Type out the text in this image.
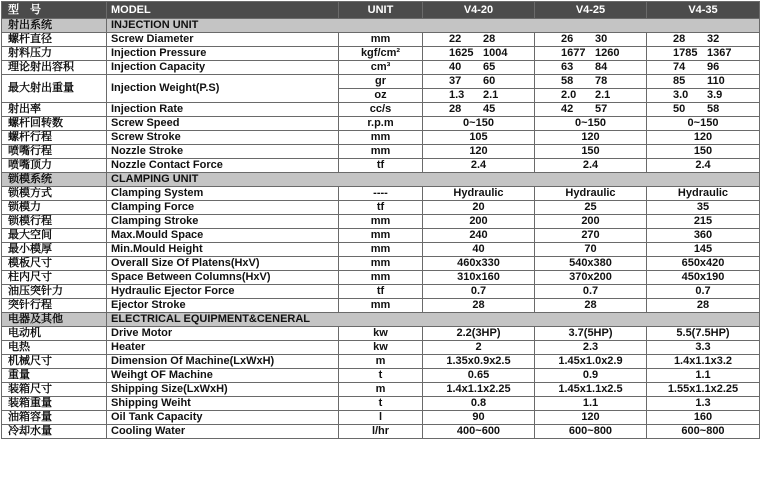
型　号	MODEL	UNIT	V4-20	V4-25	V4-35
射出系统	INJECTION UNIT				
螺杆直径	Screw Diameter	mm	22 28	26 30	28 32
射料压力	Injection Pressure	kgf/cm²	1625 1004	1677 1260	1785 1367
理论射出容积	Injection Capacity	cm³	40 65	63 84	74 96
最大射出重量	Injection Weight(P.S)	gr	37 60	58 78	85 110
		oz	1.3 2.1	2.0 2.1	3.0 3.9
射出率	Injection Rate	cc/s	28 45	42 57	50 58
螺杆回转数	Screw Speed	r.p.m	0~150	0~150	0~150
螺杆行程	Screw Stroke	mm	105	120	120
喷嘴行程	Nozzle Stroke	mm	120	150	150
喷嘴顶力	Nozzle Contact Force	tf	2.4	2.4	2.4
锁模系统	CLAMPING UNIT				
锁模方式	Clamping System	----	Hydraulic	Hydraulic	Hydraulic
锁模力	Clamping Force	tf	20	25	35
锁模行程	Clamping Stroke	mm	200	200	215
最大空间	Max.Mould Space	mm	240	270	360
最小模厚	Min.Mould Height	mm	40	70	145
模板尺寸	Overall Size Of Platens(HxV)	mm	460x330	540x380	650x420
柱内尺寸	Space Between Columns(HxV)	mm	310x160	370x200	450x190
油压突针力	Hydraulic Ejector Force	tf	0.7	0.7	0.7
突针行程	Ejector Stroke	mm	28	28	28
电器及其他	ELECTRICAL EQUIPMENT&CENERAL				
电动机	Drive Motor	kw	2.2(3HP)	3.7(5HP)	5.5(7.5HP)
电热	Heater	kw	2	2.3	3.3
机械尺寸	Dimension Of Machine(LxWxH)	m	1.35x0.9x2.5	1.45x1.0x2.9	1.4x1.1x3.2
重量	Weihgt OF Machine	t	0.65	0.9	1.1
装箱尺寸	Shipping Size(LxWxH)	m	1.4x1.1x2.25	1.45x1.1x2.5	1.55x1.1x2.25
装箱重量	Shipping Weiht	t	0.8	1.1	1.3
油箱容量	Oil Tank Capacity	l	90	120	160
冷却水量	Cooling Water	l/hr	400~600	600~800	600~800
